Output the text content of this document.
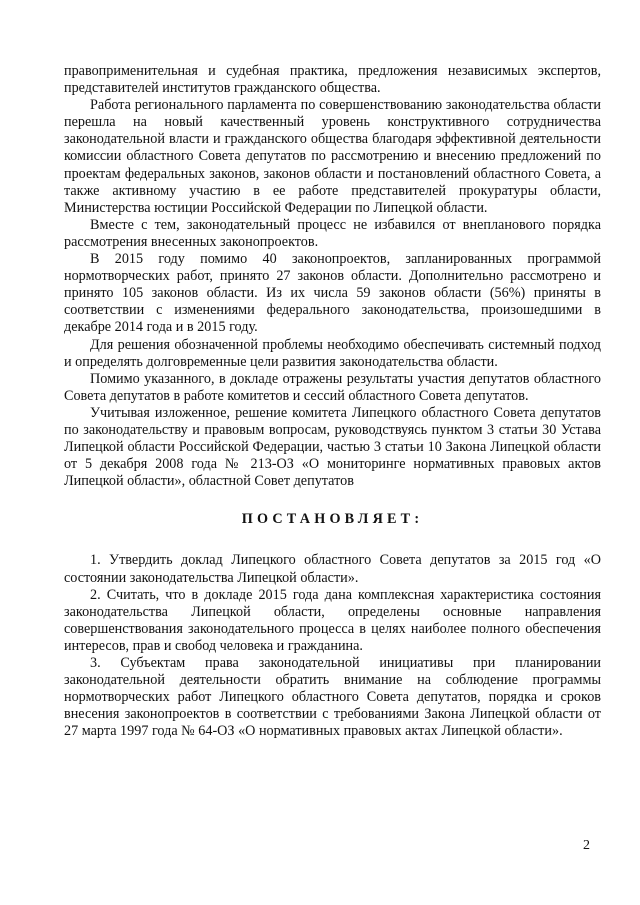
правоприменительная и судебная практика, предложения независимых экспертов, представителей институтов гражданского общества.

Работа регионального парламента по совершенствованию законодательства области перешла на новый качественный уровень конструктивного сотрудничества законодательной власти и гражданского общества благодаря эффективной деятельности комиссии областного Совета депутатов по рассмотрению и внесению предложений по проектам федеральных законов, законов области и постановлений областного Совета, а также активному участию в ее работе представителей прокуратуры области, Министерства юстиции Российской Федерации по Липецкой области.

Вместе с тем, законодательный процесс не избавился от внепланового порядка рассмотрения внесенных законопроектов.

В 2015 году помимо 40 законопроектов, запланированных программой нормотворческих работ, принято 27 законов области. Дополнительно рассмотрено и принято 105 законов области. Из их числа 59 законов области (56%) приняты в соответствии с изменениями федерального законодательства, произошедшими в декабре 2014 года и в 2015 году.

Для решения обозначенной проблемы необходимо обеспечивать системный подход и определять долговременные цели развития законодательства области.

Помимо указанного, в докладе отражены результаты участия депутатов областного Совета депутатов в работе комитетов и сессий областного Совета депутатов.

Учитывая изложенное, решение комитета Липецкого областного Совета депутатов по законодательству и правовым вопросам, руководствуясь пунктом 3 статьи 30 Устава Липецкой области Российской Федерации, частью 3 статьи 10 Закона Липецкой области от 5 декабря 2008 года № 213-ОЗ «О мониторинге нормативных правовых актов Липецкой области», областной Совет депутатов

ПОСТАНОВЛЯЕТ:

1. Утвердить доклад Липецкого областного Совета депутатов за 2015 год «О состоянии законодательства Липецкой области».

2. Считать, что в докладе 2015 года дана комплексная характеристика состояния законодательства Липецкой области, определены основные направления совершенствования законодательного процесса в целях наиболее полного обеспечения интересов, прав и свобод человека и гражданина.

3. Субъектам права законодательной инициативы при планировании законодательной деятельности обратить внимание на соблюдение программы нормотворческих работ Липецкого областного Совета депутатов, порядка и сроков внесения законопроектов в соответствии с требованиями Закона Липецкой области от 27 марта 1997 года № 64-ОЗ «О нормативных правовых актах Липецкой области».

2
